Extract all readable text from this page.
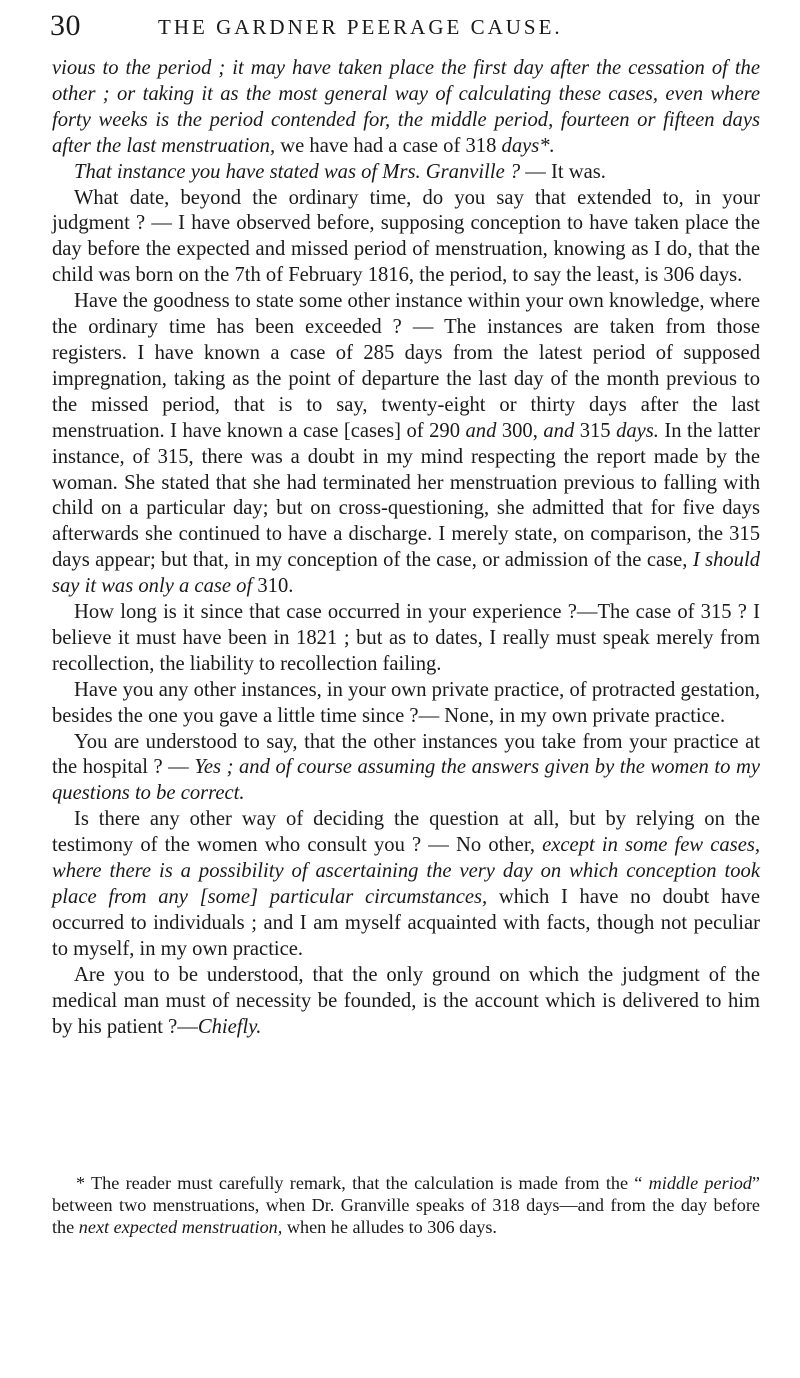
30	THE GARDNER PEERAGE CAUSE.

vious to the period ; it may have taken place the first day after the cessation of the other ; or taking it as the most general way of calculating these cases, even where forty weeks is the period contended for, the middle period, fourteen or fifteen days after the last menstruation, we have had a case of 318 days*.

That instance you have stated was of Mrs. Granville ? — It was.

What date, beyond the ordinary time, do you say that extended to, in your judgment ? — I have observed before, supposing conception to have taken place the day before the expected and missed period of menstruation, knowing as I do, that the child was born on the 7th of February 1816, the period, to say the least, is 306 days.

Have the goodness to state some other instance within your own knowledge, where the ordinary time has been exceeded ? — The instances are taken from those registers. I have known a case of 285 days from the latest period of supposed impregnation, taking as the point of departure the last day of the month previous to the missed period, that is to say, twenty-eight or thirty days after the last menstruation. I have known a case [cases] of 290 and 300, and 315 days. In the latter instance, of 315, there was a doubt in my mind respecting the report made by the woman. She stated that she had terminated her menstruation previous to falling with child on a particular day; but on cross-questioning, she admitted that for five days afterwards she continued to have a discharge. I merely state, on comparison, the 315 days appear; but that, in my conception of the case, or admission of the case, I should say it was only a case of 310.

How long is it since that case occurred in your experience ?—The case of 315 ? I believe it must have been in 1821 ; but as to dates, I really must speak merely from recollection, the liability to recollection failing.

Have you any other instances, in your own private practice, of protracted gestation, besides the one you gave a little time since ?— None, in my own private practice.

You are understood to say, that the other instances you take from your practice at the hospital ? — Yes ; and of course assuming the answers given by the women to my questions to be correct.

Is there any other way of deciding the question at all, but by relying on the testimony of the women who consult you ? — No other, except in some few cases, where there is a possibility of ascertaining the very day on which conception took place from any [some] particular circumstances, which I have no doubt have occurred to individuals ; and I am myself acquainted with facts, though not peculiar to myself, in my own practice.

Are you to be understood, that the only ground on which the judgment of the medical man must of necessity be founded, is the account which is delivered to him by his patient ?—Chiefly.

* The reader must carefully remark, that the calculation is made from the “ middle period” between two menstruations, when Dr. Granville speaks of 318 days—and from the day before the next expected menstruation, when he alludes to 306 days.
